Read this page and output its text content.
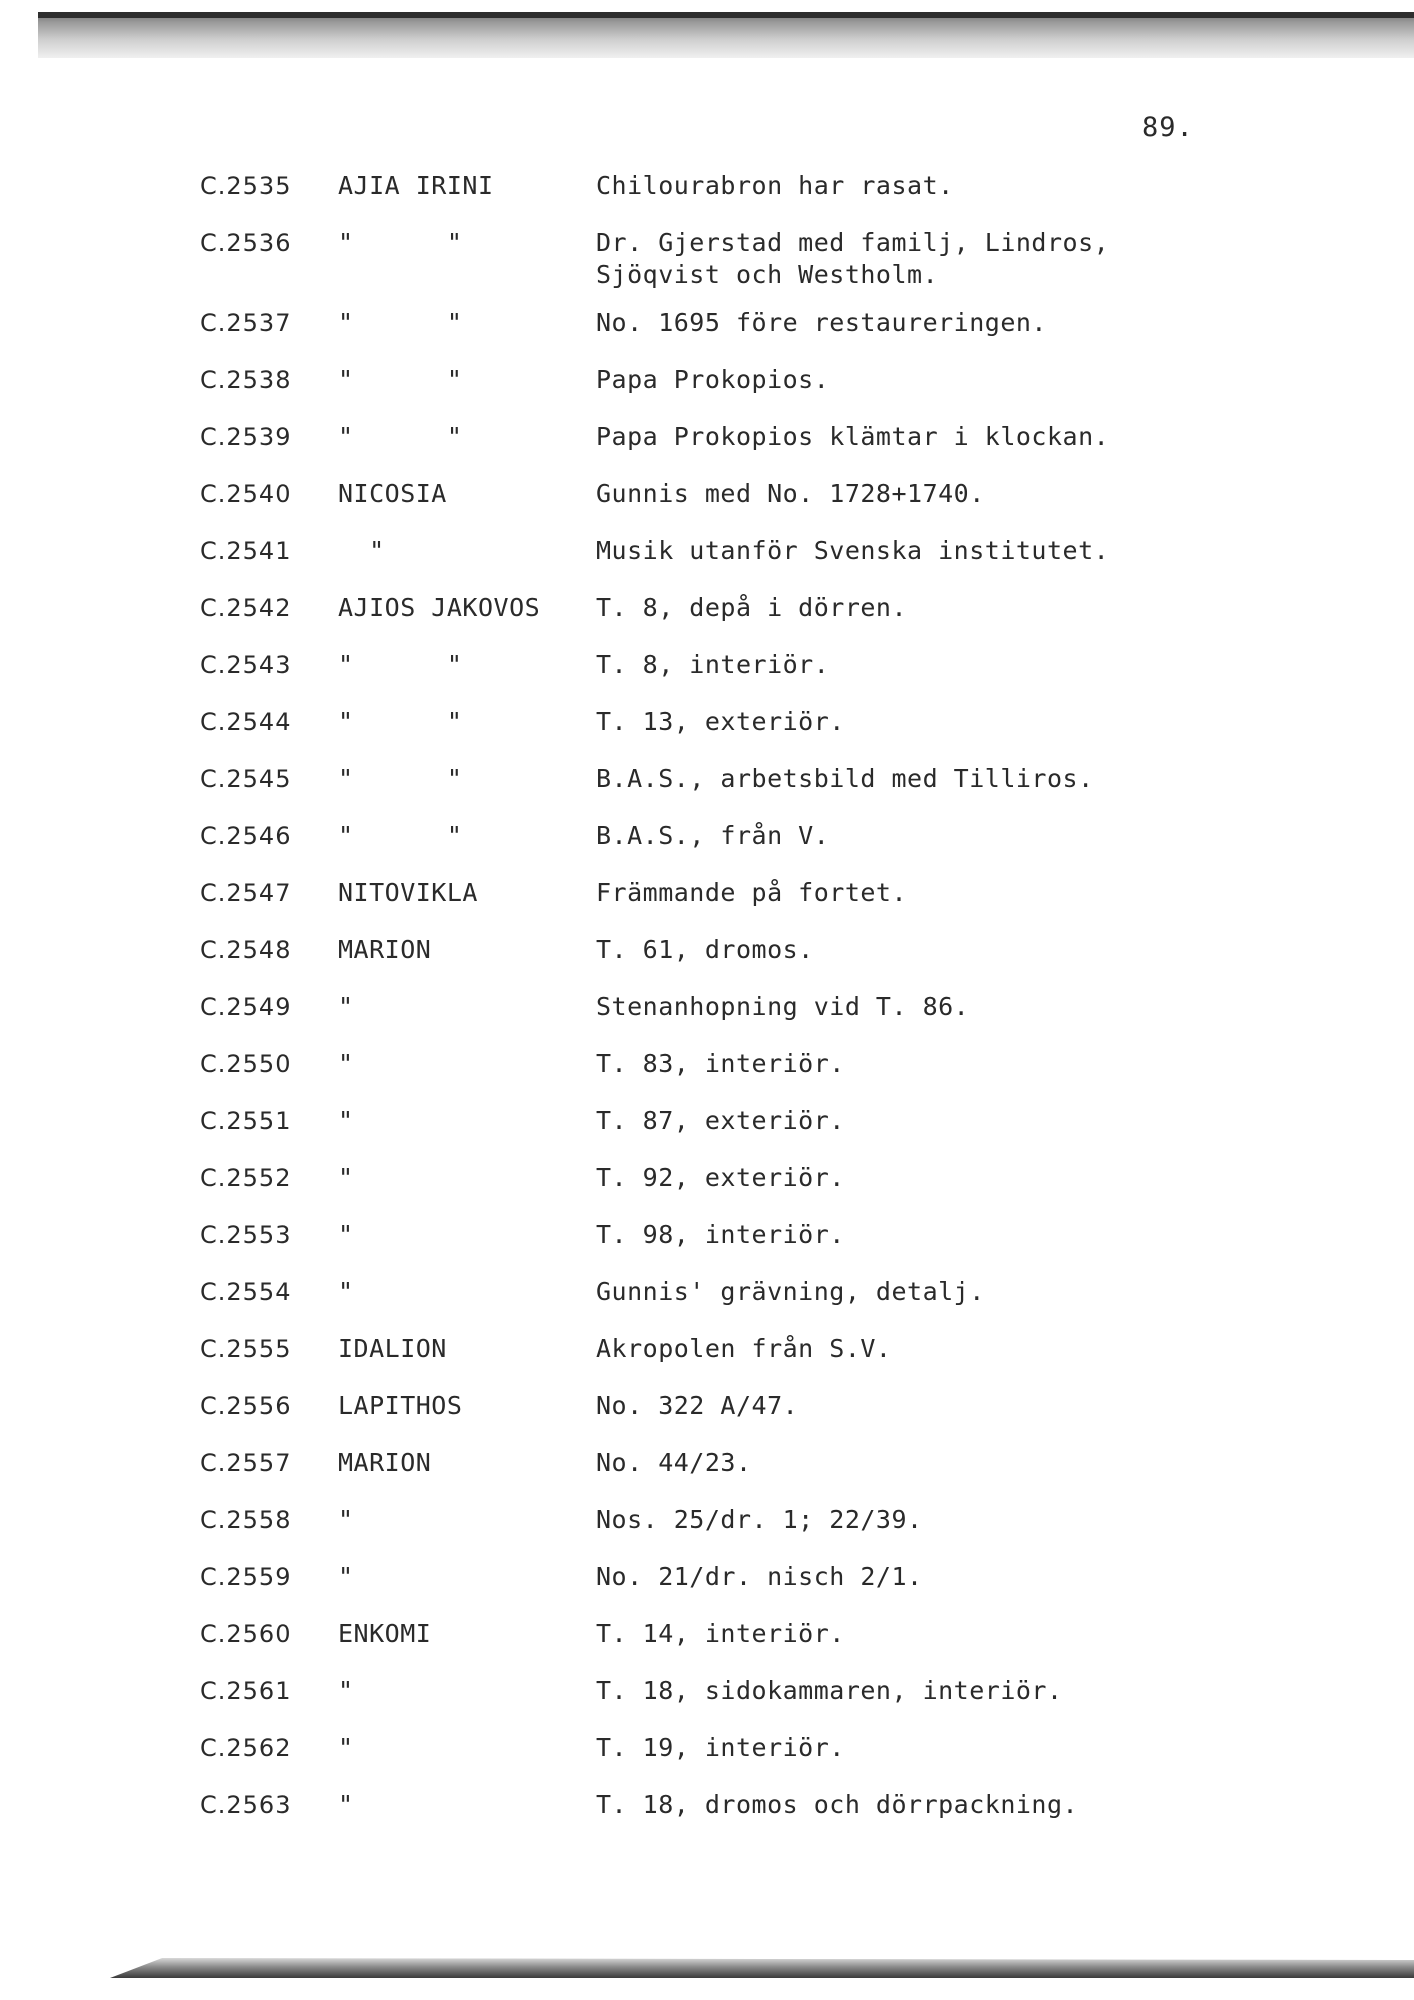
89.
C.2535	AJIA IRINI	Chilourabron har rasat.
C.2536	"      "	Dr. Gjerstad med familj, Lindros,
Sjöqvist och Westholm.
C.2537	"      "	No. 1695 före restaureringen.
C.2538	"      "	Papa Prokopios.
C.2539	"      "	Papa Prokopios klämtar i klockan.
C.2540	NICOSIA	Gunnis med No. 1728+1740.
C.2541	"	Musik utanför Svenska institutet.
C.2542	AJIOS JAKOVOS	T. 8, depå i dörren.
C.2543	"      "	T. 8, interiör.
C.2544	"      "	T. 13, exteriör.
C.2545	"      "	B.A.S., arbetsbild med Tilliros.
C.2546	"      "	B.A.S., från V.
C.2547	NITOVIKLA	Främmande på fortet.
C.2548	MARION	T. 61, dromos.
C.2549	"	Stenanhopning vid T. 86.
C.2550	"	T. 83, interiör.
C.2551	"	T. 87, exteriör.
C.2552	"	T. 92, exteriör.
C.2553	"	T. 98, interiör.
C.2554	"	Gunnis' grävning, detalj.
C.2555	IDALION	Akropolen från S.V.
C.2556	LAPITHOS	No. 322 A/47.
C.2557	MARION	No. 44/23.
C.2558	"	Nos. 25/dr. 1; 22/39.
C.2559	"	No. 21/dr. nisch 2/1.
C.2560	ENKOMI	T. 14, interiör.
C.2561	"	T. 18, sidokammaren, interiör.
C.2562	"	T. 19, interiör.
C.2563	"	T. 18, dromos och dörrpackning.
